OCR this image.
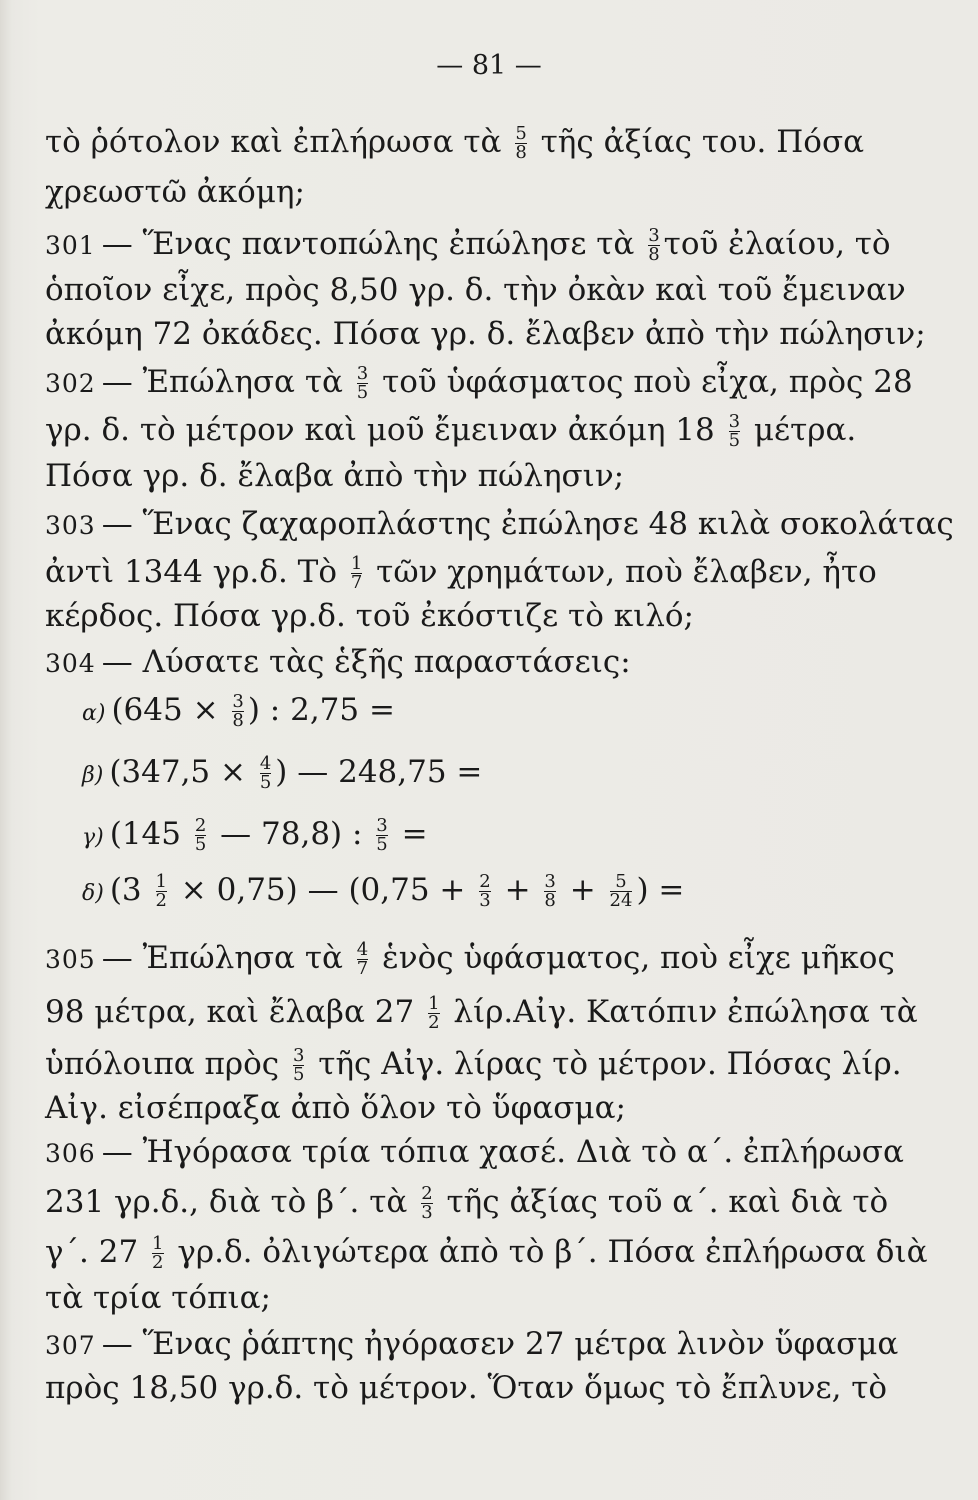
— 81 —
τὸ ῥότολον καὶ ἐπλήρωσα τὰ $\frac{5}{8}$ τῆς ἀξίας του. Πόσα
χρεωστῶ ἀκόμη;
301 — Ἕνας παντοπώλης ἐπώλησε τὰ $\frac{3}{8}$ τοῦ ἐλαίου, τὸ
ὁποῖον εἶχε, πρὸς 8,50 γρ. δ. τὴν ὀκὰν καὶ τοῦ ἔμειναν
ἀκόμη 72 ὀκάδες. Πόσα γρ. δ. ἔλαβεν ἀπὸ τὴν πώλησιν;
302 — Ἐπώλησα τὰ $\frac{3}{5}$ τοῦ ὑφάσματος ποὺ εἶχα, πρὸς 28
γρ. δ. τὸ μέτρον καὶ μοῦ ἔμειναν ἀκόμη $18 \frac{3}{5} \mu έ\tau\rho\alpha$.
Πόσα γρ. δ. ἔλαβα ἀπὸ τὴν πώλησιν;
303 — Ἕνας ζαχαροπλάστης ἐπώλησε 48 κιλὰ σοκολάτας
ἀντὶ 1344 γρ.δ. Τὸ $\frac{1}{7}$ τῶν χρημάτων, ποὺ ἔλαβεν, ἦτο
κέρδος. Πόσα γρ.δ. τοῦ ἐκόστιζε τὸ κιλό;
304 — Λύσατε τὰς ἑξῆς παραστάσεις:
α) ($645 \times \frac{3}{8}$ ) : 2,75 =
β) ($347,5 \times \frac{4}{5}$ ) — 248,75 =
γ) ($145 \frac{2}{5}$ — 78,8) : $\frac{3}{5}$ =
δ) $(3 \frac{1}{2} \times 0,75)$ — ($0,75 + \frac{2}{3} + \frac{3}{8} + \frac{5}{24}$ ) =
305 — Ἐπώλησα τὰ $\frac{4}{7}$ ἑνὸς ὑφάσματος, ποὺ εἶχε μῆκος
98 μέτρα, καὶ ἔλαβα $27 \frac{1}{2}$ λίρ.Αἰγ. Κατόπιν ἐπώλησα τὰ
ὑπόλοιπα πρὸς $\frac{3}{5}$ τῆς Αἰγ. λίρας τὸ μέτρον. Πόσας λίρ.
Αἰγ. εἰσέπραξα ἀπὸ ὅλον τὸ ὕφασμα;
306 — Ἠγόρασα τρία τόπια χασέ. Διὰ τὸ α΄. ἐπλήρωσα
231 γρ.δ., διὰ τὸ β΄. τὰ $\frac{2}{3}$ τῆς ἀξίας τοῦ α΄. καὶ διὰ τὸ
γ΄. $27 \frac{1}{2} \gamma\rho.\delta$. ὀλιγώτερα ἀπὸ τὸ β΄. Πόσα ἐπλήρωσα διὰ
τὰ τρία τόπια;
307 — Ἕνας ῥάπτης ἠγόρασεν 27 μέτρα λινὸν ὕφασμα
πρὸς 18,50 γρ.δ. τὸ μέτρον. Ὅταν ὅμως τὸ ἔπλυνε, τὸ
